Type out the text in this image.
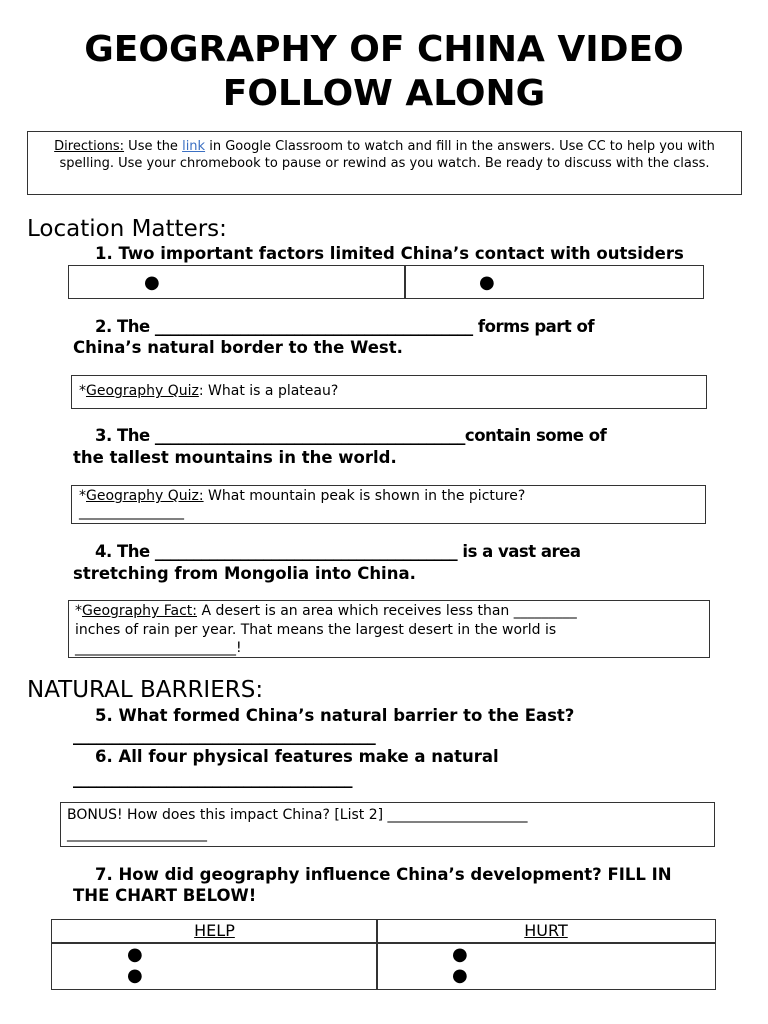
GEOGRAPHY OF CHINA VIDEO
FOLLOW ALONG
Directions: Use the link in Google Classroom to watch and fill in the answers. Use CC to help you with spelling. Use your chromebook to pause or rewind as you watch. Be ready to discuss with the class.
Location Matters:
1. Two important factors limited China’s contact with outsiders
●	●
2. The _________________________________________ forms part of
China’s natural border to the West.
*Geography Quiz: What is a plateau?
3. The ________________________________________contain some of
the tallest mountains in the world.
*Geography Quiz: What mountain peak is shown in the picture?
_______________
4. The _______________________________________ is a vast area
stretching from Mongolia into China.
*Geography Fact: A desert is an area which receives less than _________
inches of rain per year. That means the largest desert in the world is
_______________________!
NATURAL BARRIERS:
5. What formed China’s natural barrier to the East?
_______________________________________
6. All four physical features make a natural
____________________________________
BONUS! How does this impact China? [List 2] ____________________
____________________
7. How did geography influence China’s development? FILL IN
THE CHART BELOW!
HELP	HURT
●
●
●
●
